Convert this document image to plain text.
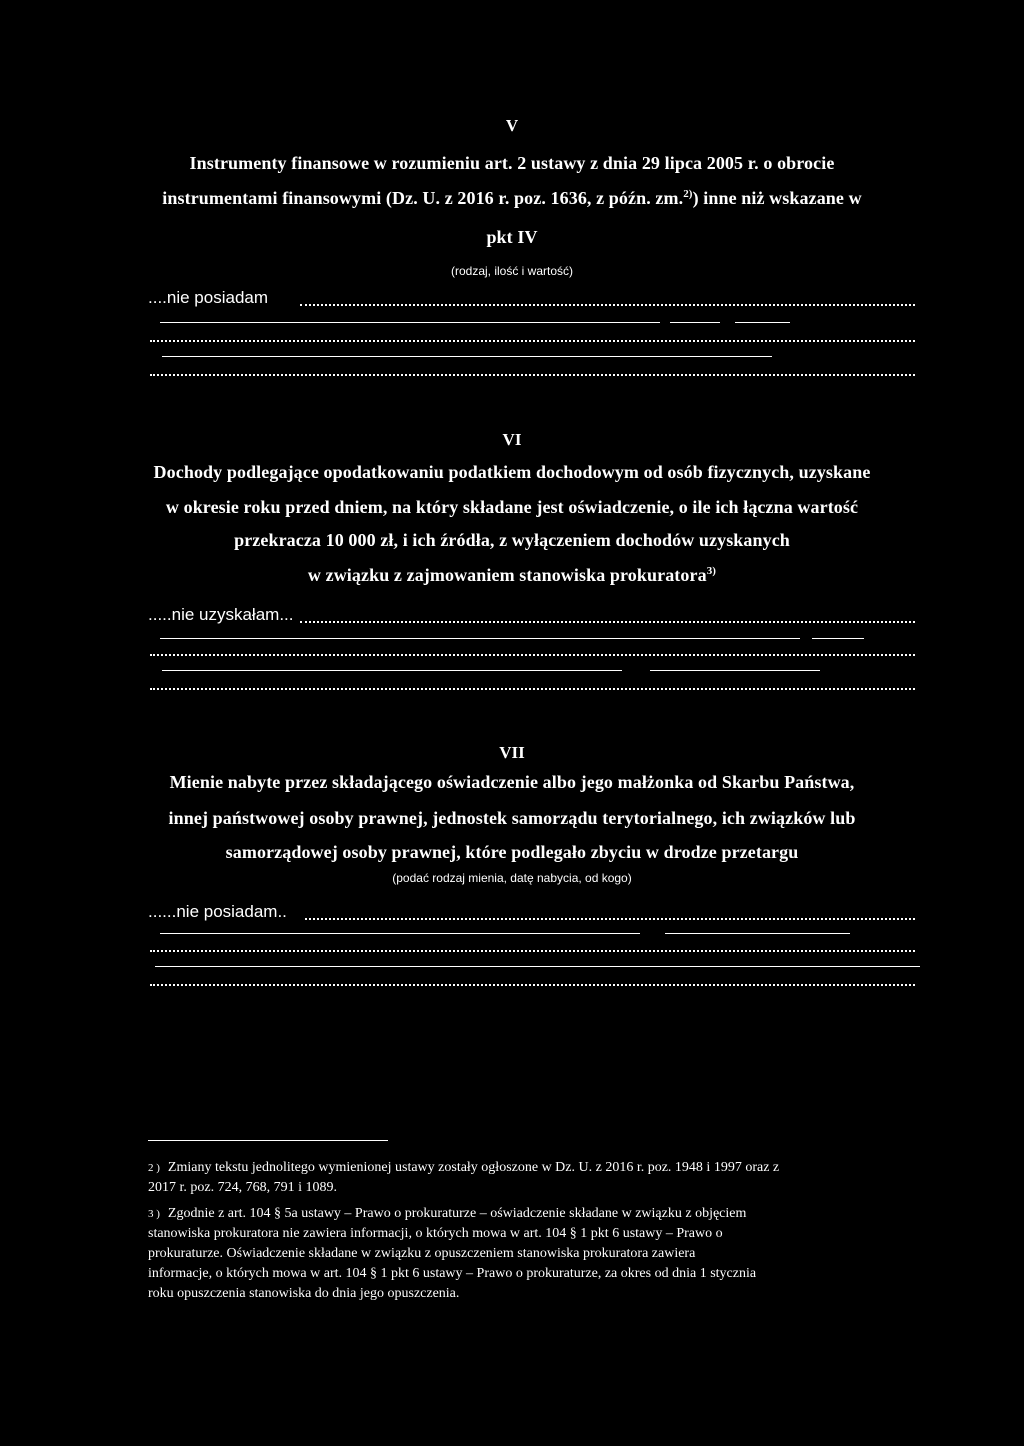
V
Instrumenty finansowe w rozumieniu art. 2 ustawy z dnia 29 lipca 2005 r. o obrocie
instrumentami finansowymi (Dz. U. z 2016 r. poz. 1636, z późn. zm.$^{2)}$) inne niż wskazane w
pkt IV
(rodzaj, ilość i wartość)
....nie posiadam
VI
Dochody podlegające opodatkowaniu podatkiem dochodowym od osób fizycznych, uzyskane
w okresie roku przed dniem, na który składane jest oświadczenie, o ile ich łączna wartość
przekracza 10 000 zł, i ich źródła, z wyłączeniem dochodów uzyskanych
w związku z zajmowaniem stanowiska prokuratora$^{3)}$
.....nie uzyskałam...
VII
Mienie nabyte przez składającego oświadczenie albo jego małżonka od Skarbu Państwa,
innej państwowej osoby prawnej, jednostek samorządu terytorialnego, ich związków lub
samorządowej osoby prawnej, które podlegało zbyciu w drodze przetargu
(podać rodzaj mienia, datę nabycia, od kogo)
......nie posiadam..
$^{2 )}$ Zmiany tekstu jednolitego wymienionej ustawy zostały ogłoszone w Dz. U. z 2016 r. poz. 1948 i 1997 oraz z
2017 r. poz. 724, 768, 791 i 1089.
$^{3 )}$ Zgodnie z art. 104 § 5a ustawy – Prawo o prokuraturze – oświadczenie składane w związku z objęciem
stanowiska prokuratora nie zawiera informacji, o których mowa w art. 104 § 1 pkt 6 ustawy – Prawo o
prokuraturze. Oświadczenie składane w związku z opuszczeniem stanowiska prokuratora zawiera
informacje, o których mowa w art. 104 § 1 pkt 6 ustawy – Prawo o prokuraturze, za okres od dnia 1 stycznia
roku opuszczenia stanowiska do dnia jego opuszczenia.
